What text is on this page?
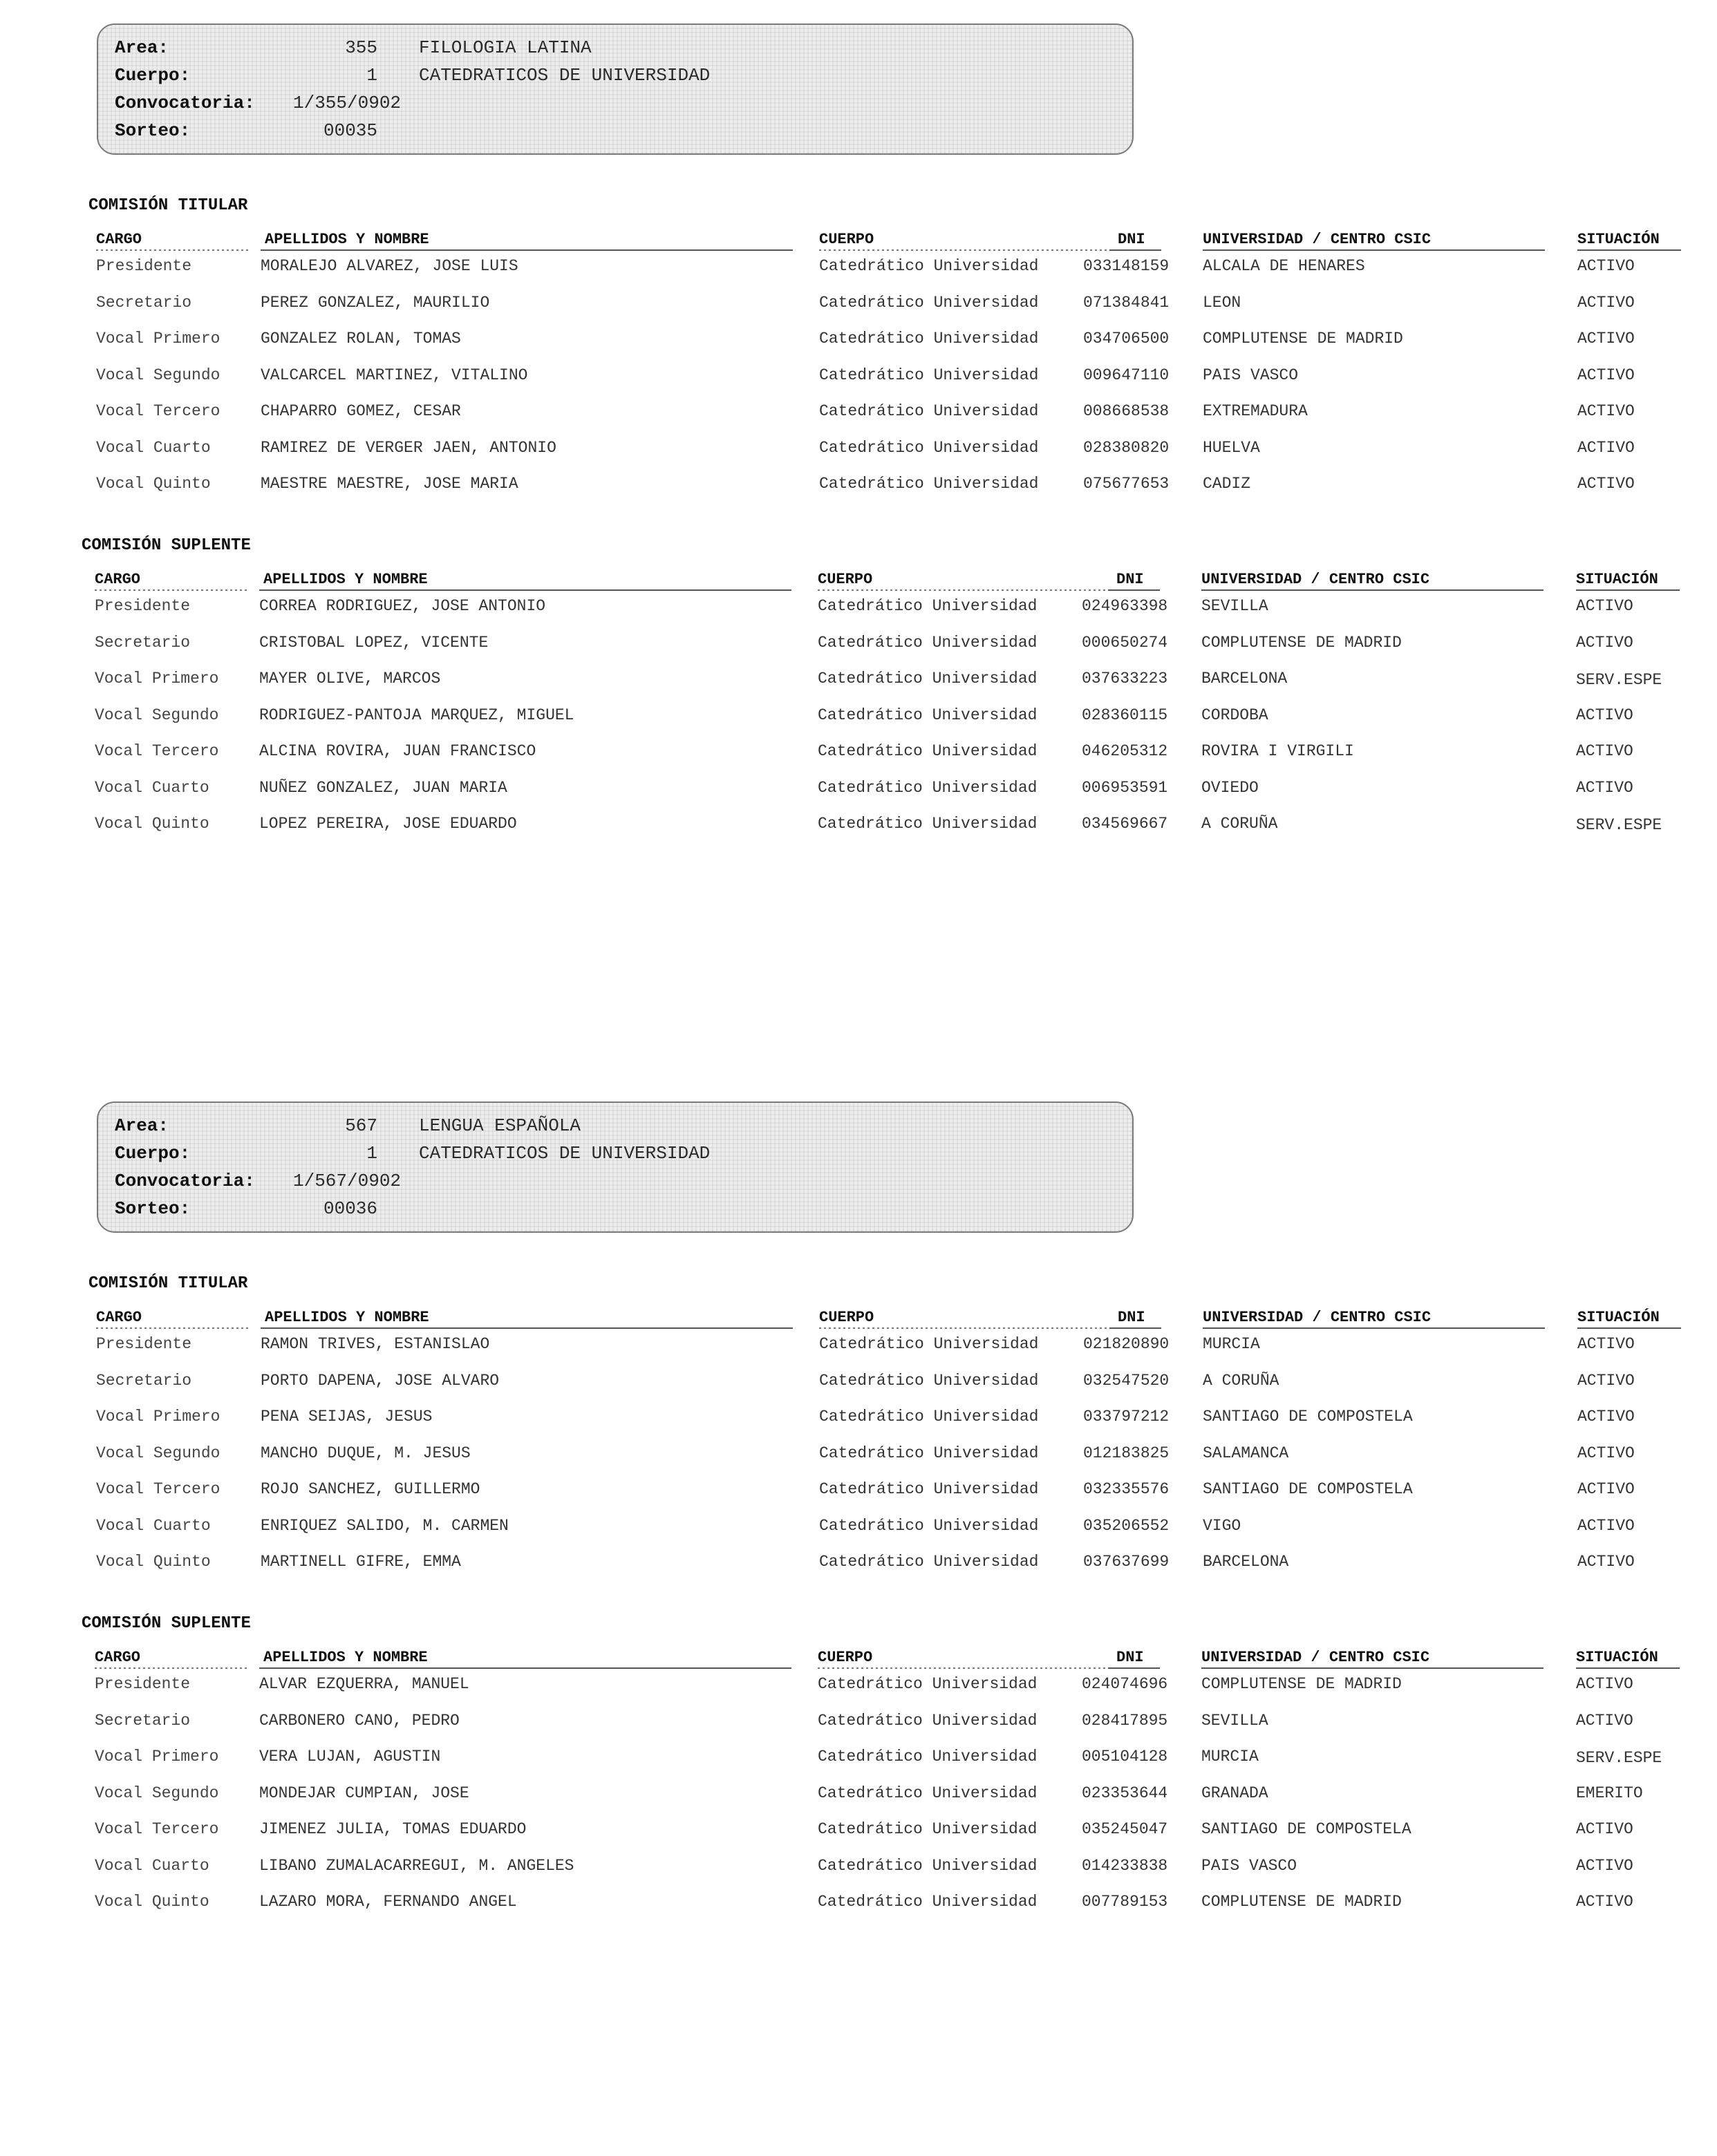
Area:	355 FILOLOGIA LATINA
Cuerpo:	1 CATEDRATICOS DE UNIVERSIDAD
Convocatoria: 1/355/0902
Sorteo:	00035
COMISIÓN TITULAR
CARGO	APELLIDOS Y NOMBRE	CUERPO	DNI	UNIVERSIDAD / CENTRO CSIC	SITUACIÓN
Presidente	MORALEJO ALVAREZ, JOSE LUIS	Catedrático Universidad	033148159 ALCALA DE HENARES	ACTIVO
Secretario	PEREZ GONZALEZ, MAURILIO	Catedrático Universidad	071384841 LEON	ACTIVO
Vocal Primero	GONZALEZ ROLAN, TOMAS	Catedrático Universidad	034706500 COMPLUTENSE DE MADRID	ACTIVO
Vocal Segundo	VALCARCEL MARTINEZ, VITALINO	Catedrático Universidad	009647110 PAIS VASCO	ACTIVO
Vocal Tercero	CHAPARRO GOMEZ, CESAR	Catedrático Universidad	008668538 EXTREMADURA	ACTIVO
Vocal Cuarto	RAMIREZ DE VERGER JAEN, ANTONIO	Catedrático Universidad	028380820 HUELVA	ACTIVO
Vocal Quinto	MAESTRE MAESTRE, JOSE MARIA	Catedrático Universidad	075677653 CADIZ	ACTIVO
COMISIÓN SUPLENTE
CARGO	APELLIDOS Y NOMBRE	CUERPO	DNI	UNIVERSIDAD / CENTRO CSIC	SITUACIÓN
Presidente	CORREA RODRIGUEZ, JOSE ANTONIO	Catedrático Universidad	024963398 SEVILLA	ACTIVO
Secretario	CRISTOBAL LOPEZ, VICENTE	Catedrático Universidad	000650274 COMPLUTENSE DE MADRID	ACTIVO
Vocal Primero	MAYER OLIVE, MARCOS	Catedrático Universidad	037633223 BARCELONA	SERV.ESPE
Vocal Segundo	RODRIGUEZ-PANTOJA MARQUEZ, MIGUEL	Catedrático Universidad	028360115 CORDOBA	ACTIVO
Vocal Tercero	ALCINA ROVIRA, JUAN FRANCISCO	Catedrático Universidad	046205312 ROVIRA I VIRGILI	ACTIVO
Vocal Cuarto	NUÑEZ GONZALEZ, JUAN MARIA	Catedrático Universidad	006953591 OVIEDO	ACTIVO
Vocal Quinto	LOPEZ PEREIRA, JOSE EDUARDO	Catedrático Universidad	034569667 A CORUÑA	SERV.ESPE
Area:	567 LENGUA ESPAÑOLA
Cuerpo:	1 CATEDRATICOS DE UNIVERSIDAD
Convocatoria: 1/567/0902
Sorteo:	00036
COMISIÓN TITULAR
CARGO	APELLIDOS Y NOMBRE	CUERPO	DNI	UNIVERSIDAD / CENTRO CSIC	SITUACIÓN
Presidente	RAMON TRIVES, ESTANISLAO	Catedrático Universidad	021820890 MURCIA	ACTIVO
Secretario	PORTO DAPENA, JOSE ALVARO	Catedrático Universidad	032547520 A CORUÑA	ACTIVO
Vocal Primero	PENA SEIJAS, JESUS	Catedrático Universidad	033797212 SANTIAGO DE COMPOSTELA	ACTIVO
Vocal Segundo	MANCHO DUQUE, M. JESUS	Catedrático Universidad	012183825 SALAMANCA	ACTIVO
Vocal Tercero	ROJO SANCHEZ, GUILLERMO	Catedrático Universidad	032335576 SANTIAGO DE COMPOSTELA	ACTIVO
Vocal Cuarto	ENRIQUEZ SALIDO, M. CARMEN	Catedrático Universidad	035206552 VIGO	ACTIVO
Vocal Quinto	MARTINELL GIFRE, EMMA	Catedrático Universidad	037637699 BARCELONA	ACTIVO
COMISIÓN SUPLENTE
CARGO	APELLIDOS Y NOMBRE	CUERPO	DNI	UNIVERSIDAD / CENTRO CSIC	SITUACIÓN
Presidente	ALVAR EZQUERRA, MANUEL	Catedrático Universidad	024074696 COMPLUTENSE DE MADRID	ACTIVO
Secretario	CARBONERO CANO, PEDRO	Catedrático Universidad	028417895 SEVILLA	ACTIVO
Vocal Primero	VERA LUJAN, AGUSTIN	Catedrático Universidad	005104128 MURCIA	SERV.ESPE
Vocal Segundo	MONDEJAR CUMPIAN, JOSE	Catedrático Universidad	023353644 GRANADA	EMERITO
Vocal Tercero	JIMENEZ JULIA, TOMAS EDUARDO	Catedrático Universidad	035245047 SANTIAGO DE COMPOSTELA	ACTIVO
Vocal Cuarto	LIBANO ZUMALACARREGUI, M. ANGELES	Catedrático Universidad	014233838 PAIS VASCO	ACTIVO
Vocal Quinto	LAZARO MORA, FERNANDO ANGEL	Catedrático Universidad	007789153 COMPLUTENSE DE MADRID	ACTIVO
